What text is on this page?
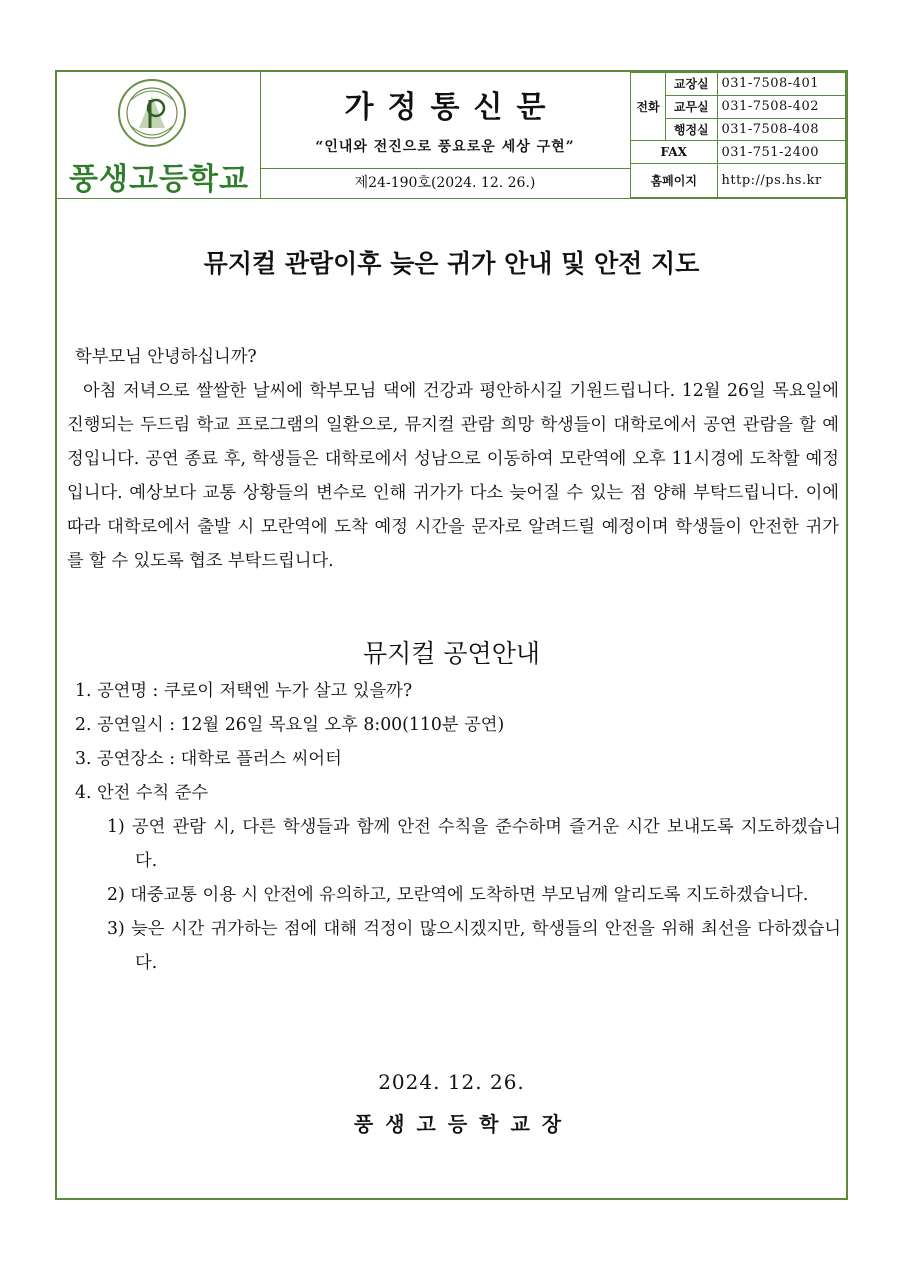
풍생고등학교
가정통신문
“인내와 전진으로 풍요로운 세상 구현”
제24-190호(2024. 12. 26.)
전화	교장실	031-7508-401
	교무실	031-7508-402
	행정실	031-7508-408
FAX		031-751-2400
홈페이지		http://ps.hs.kr
뮤지컬 관람이후 늦은 귀가 안내 및 안전 지도

학부모님 안녕하십니까?

아침 저녁으로 쌀쌀한 날씨에 학부모님 댁에 건강과 평안하시길 기원드립니다. 12월 26일 목요일에 진행되는 두드림 학교 프로그램의 일환으로, 뮤지컬 관람 희망 학생들이 대학로에서 공연 관람을 할 예정입니다. 공연 종료 후, 학생들은 대학로에서 성남으로 이동하여 모란역에 오후 11시경에 도착할 예정입니다. 예상보다 교통 상황들의 변수로 인해 귀가가 다소 늦어질 수 있는 점 양해 부탁드립니다. 이에 따라 대학로에서 출발 시 모란역에 도착 예정 시간을 문자로 알려드릴 예정이며 학생들이 안전한 귀가를 할 수 있도록 협조 부탁드립니다.

뮤지컬 공연안내
1. 공연명 : 쿠로이 저택엔 누가 살고 있을까?
2. 공연일시 : 12월 26일 목요일 오후 8:00(110분 공연)
3. 공연장소 : 대학로 플러스 씨어터
4. 안전 수칙 준수
1) 공연 관람 시, 다른 학생들과 함께 안전 수칙을 준수하며 즐거운 시간 보내도록 지도하겠습니다.
2) 대중교통 이용 시 안전에 유의하고, 모란역에 도착하면 부모님께 알리도록 지도하겠습니다.
3) 늦은 시간 귀가하는 점에 대해 걱정이 많으시겠지만, 학생들의 안전을 위해 최선을 다하겠습니다.
2024. 12. 26.
풍생고등학교장
